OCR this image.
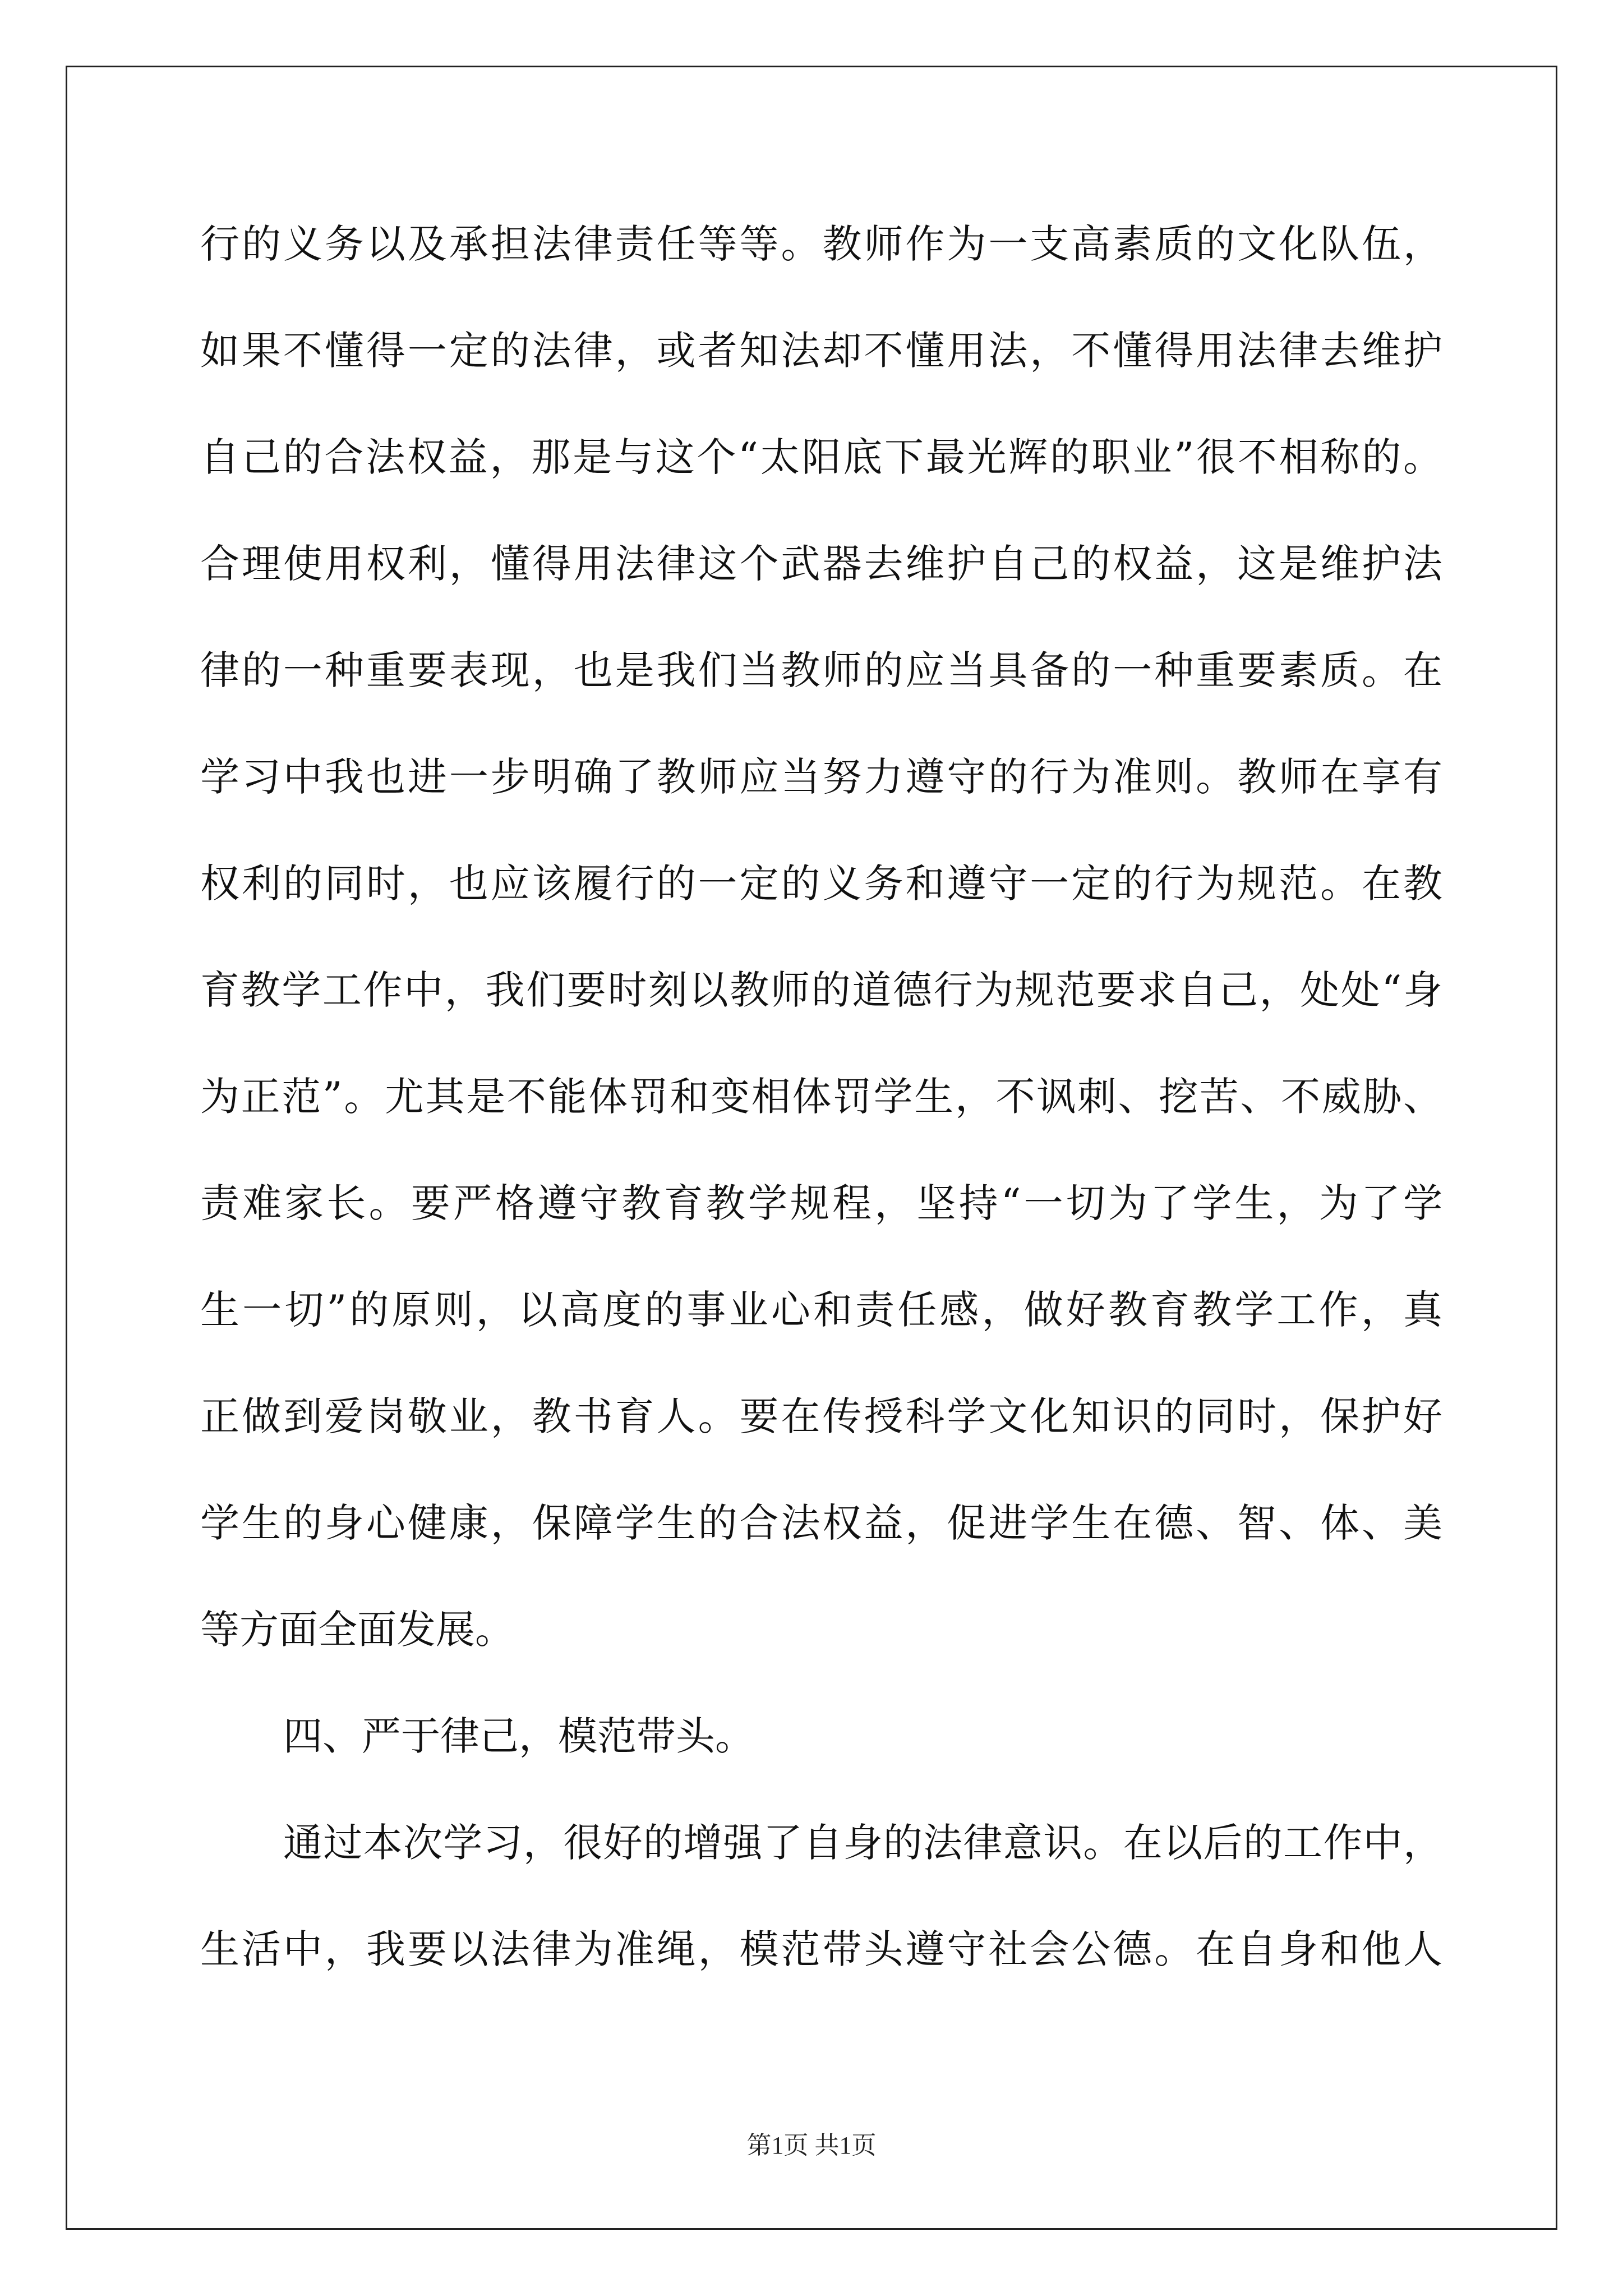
行的义务以及承担法律责任等等。教师作为一支高素质的文化队伍，
如果不懂得一定的法律，或者知法却不懂用法，不懂得用法律去维护
自己的合法权益，那是与这个“太阳底下最光辉的职业”很不相称的。
合理使用权利，懂得用法律这个武器去维护自己的权益，这是维护法
律的一种重要表现，也是我们当教师的应当具备的一种重要素质。在
学习中我也进一步明确了教师应当努力遵守的行为准则。教师在享有
权利的同时，也应该履行的一定的义务和遵守一定的行为规范。在教
育教学工作中，我们要时刻以教师的道德行为规范要求自己，处处“身
为正范”。尤其是不能体罚和变相体罚学生，不讽刺、挖苦、不威胁、
责难家长。要严格遵守教育教学规程，坚持“一切为了学生，为了学
生一切”的原则，以高度的事业心和责任感，做好教育教学工作，真
正做到爱岗敬业，教书育人。要在传授科学文化知识的同时，保护好
学生的身心健康，保障学生的合法权益，促进学生在德、智、体、美
等方面全面发展。
四、严于律己，模范带头。
通过本次学习，很好的增强了自身的法律意识。在以后的工作中，
生活中，我要以法律为准绳，模范带头遵守社会公德。在自身和他人
第1页 共1页
